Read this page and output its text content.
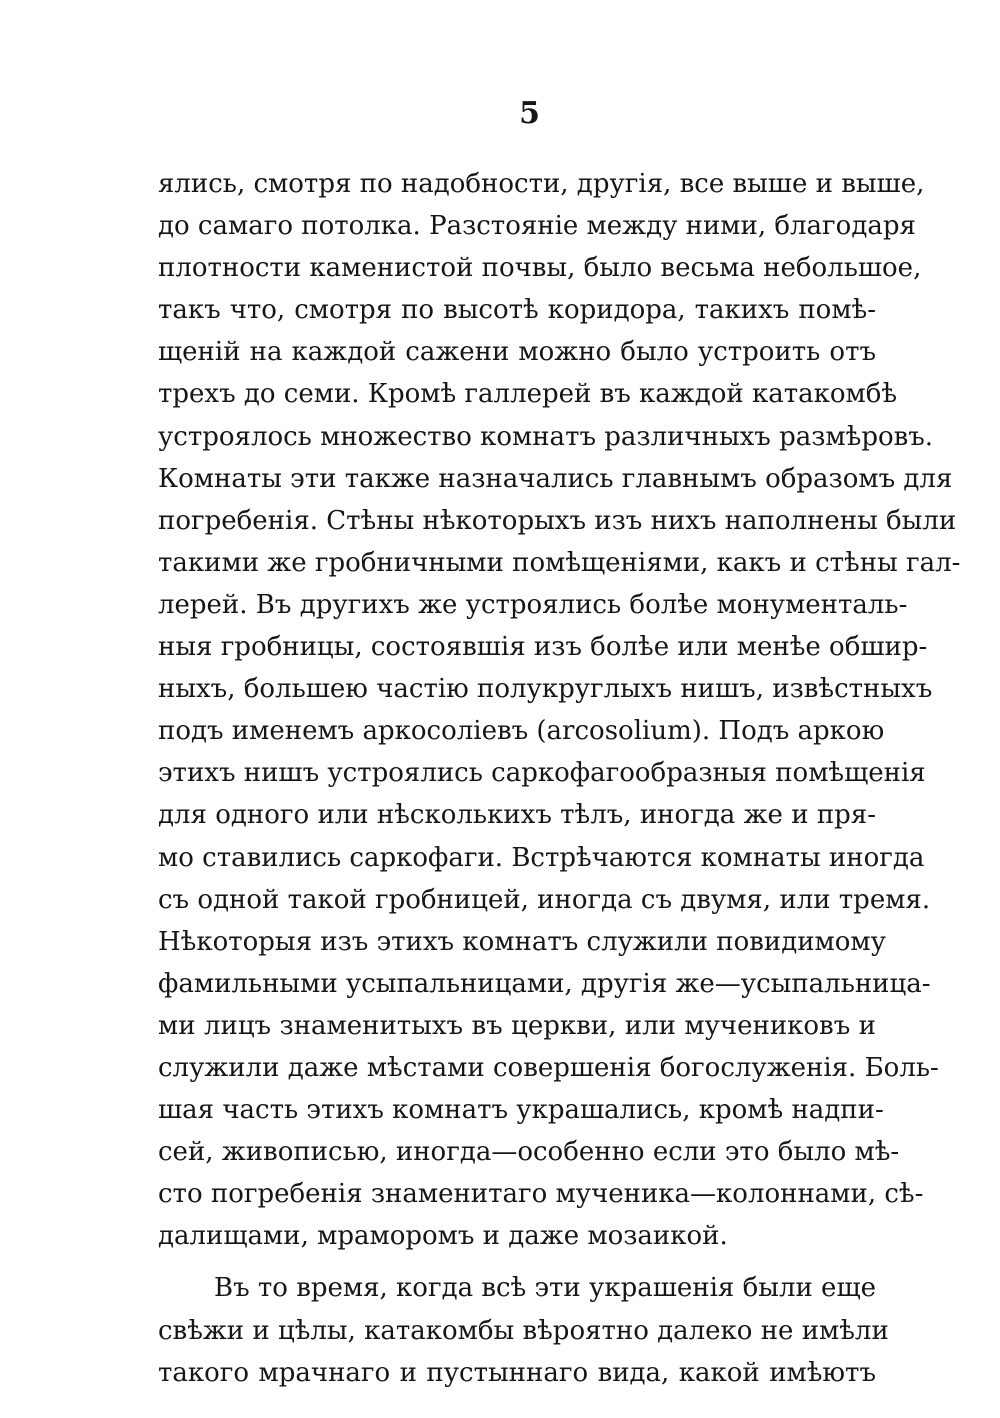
5
ялись, смотря по надобности, другія, все выше и выше,
до самаго потолка. Разстояніе между ними, благодаря
плотности каменистой почвы, было весьма небольшое,
такъ что, смотря по высотѣ коридора, такихъ помѣ-
щеній на каждой сажени можно было устроить отъ
трехъ до семи. Кромѣ галлерей въ каждой катакомбѣ
устроялось множество комнатъ различныхъ размѣровъ.
Комнаты эти также назначались главнымъ образомъ для
погребенія. Стѣны нѣкоторыхъ изъ нихъ наполнены были
такими же гробничными помѣщеніями, какъ и стѣны гал-
лерей. Въ другихъ же устроялись болѣе монументаль-
ныя гробницы, состоявшія изъ болѣе или менѣе обшир-
ныхъ, большею частію полукруглыхъ нишъ, извѣстныхъ
подъ именемъ аркосоліевъ (arcosolium). Подъ аркою
этихъ нишъ устроялись саркофагообразныя помѣщенія
для одного или нѣсколькихъ тѣлъ, иногда же и пря-
мо ставились саркофаги. Встрѣчаются комнаты иногда
съ одной такой гробницей, иногда съ двумя, или тремя.
Нѣкоторыя изъ этихъ комнатъ служили повидимому
фамильными усыпальницами, другія же—усыпальница-
ми лицъ знаменитыхъ въ церкви, или мучениковъ и
служили даже мѣстами совершенія богослуженія. Боль-
шая часть этихъ комнатъ украшались, кромѣ надпи-
сей, живописью, иногда—особенно если это было мѣ-
сто погребенія знаменитаго мученика—колоннами, сѣ-
далищами, мраморомъ и даже мозаикой.
Въ то время, когда всѣ эти украшенія были еще
свѣжи и цѣлы, катакомбы вѣроятно далеко не имѣли
такого мрачнаго и пустыннаго вида, какой имѣютъ
